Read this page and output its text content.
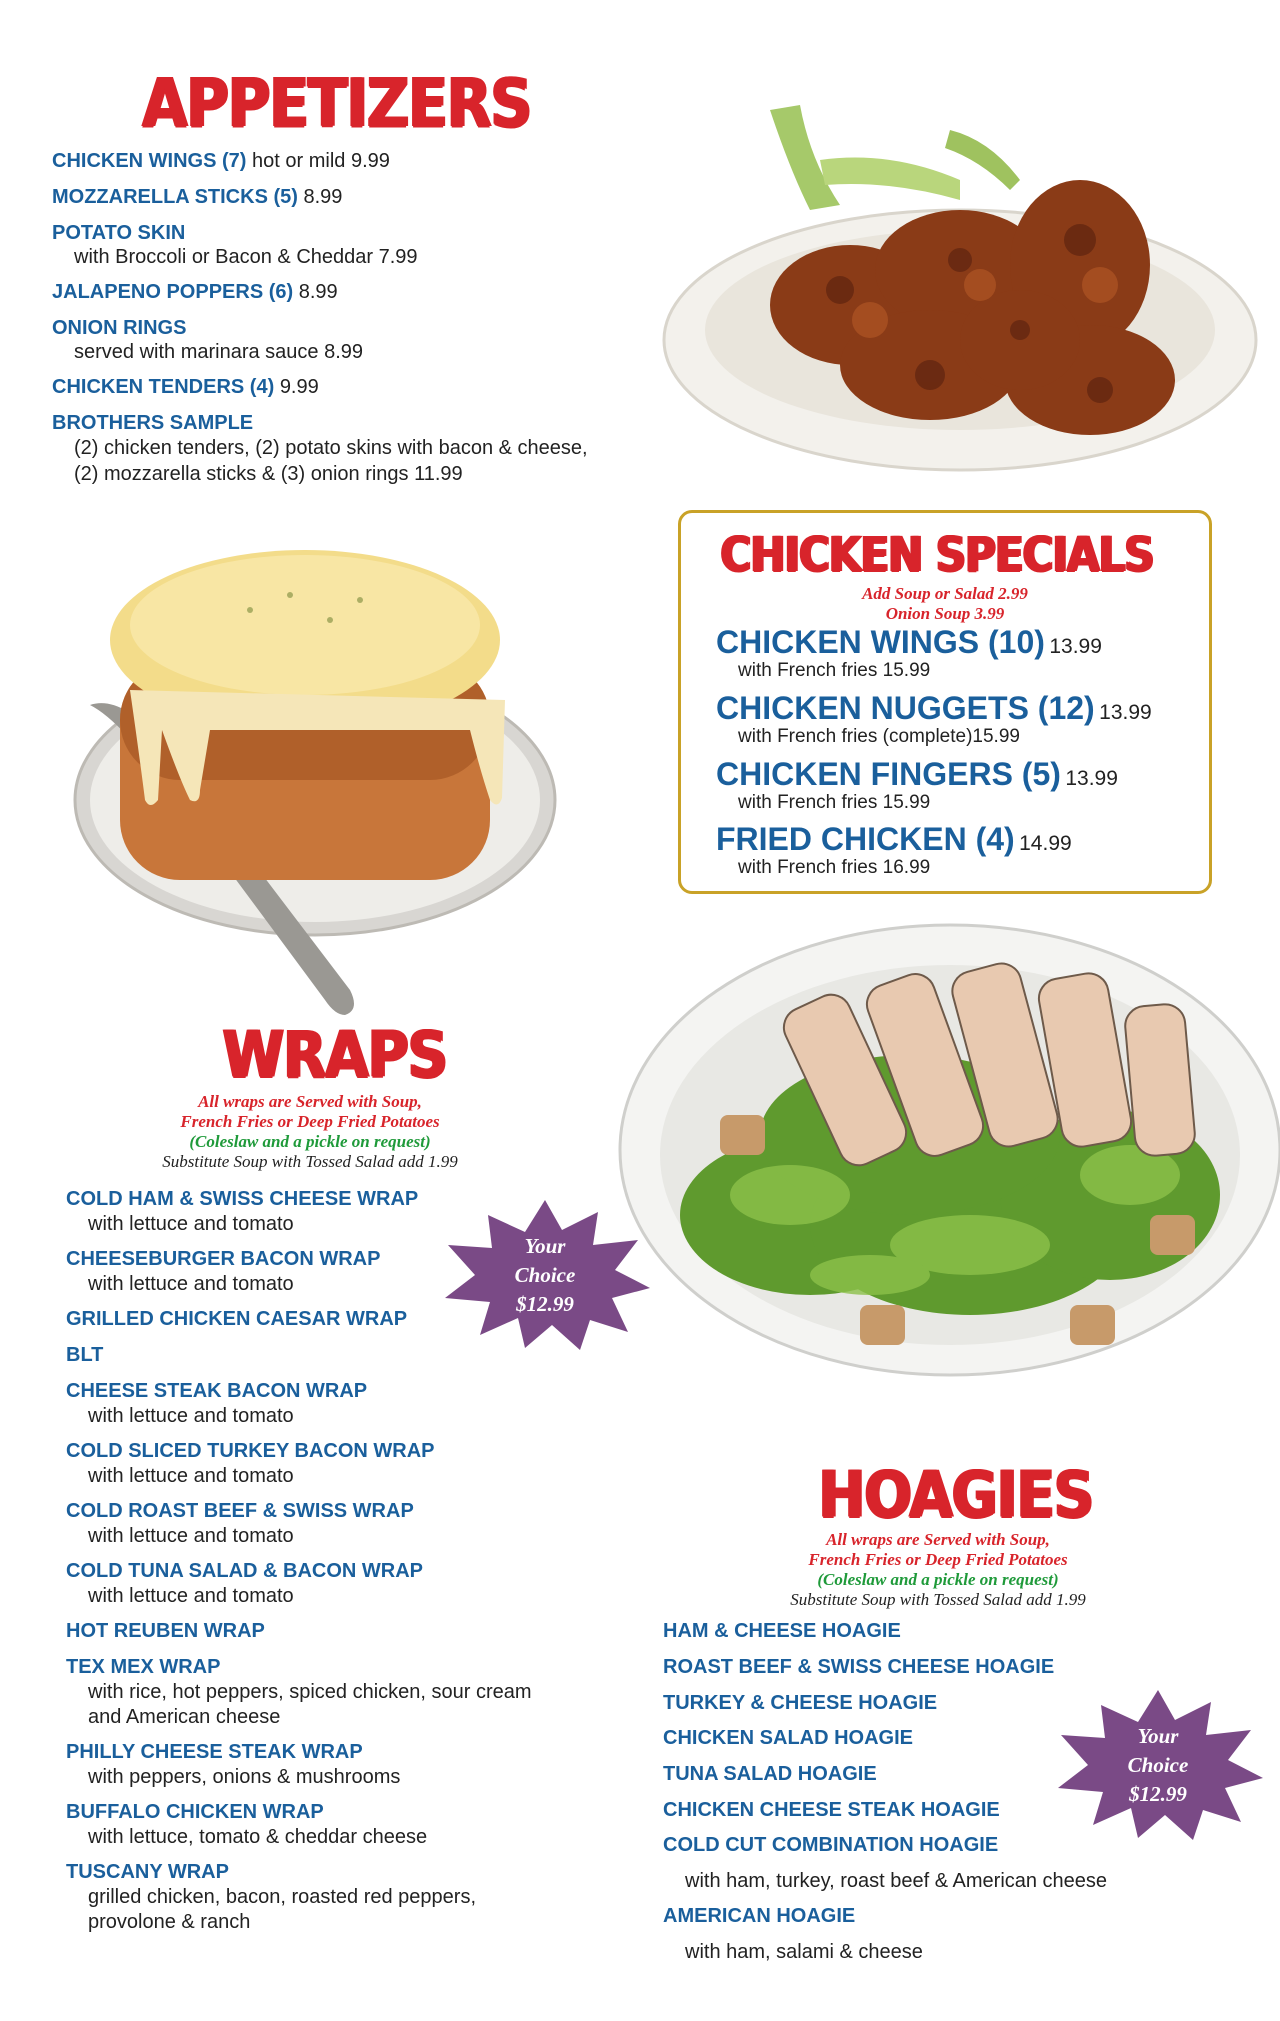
APPETIZERS
CHICKEN WINGS (7) hot or mild 9.99
MOZZARELLA STICKS (5) 8.99
POTATO SKIN
with Broccoli or Bacon & Cheddar 7.99
JALAPENO POPPERS (6) 8.99
ONION RINGS
served with marinara sauce 8.99
CHICKEN TENDERS (4) 9.99
BROTHERS SAMPLE
(2) chicken tenders, (2) potato skins with bacon & cheese,
(2) mozzarella sticks & (3) onion rings 11.99
CHICKEN SPECIALS
Add Soup or Salad 2.99
Onion Soup 3.99
CHICKEN WINGS (10) 13.99
with French fries 15.99
CHICKEN NUGGETS (12) 13.99
with French fries (complete)15.99
CHICKEN FINGERS (5) 13.99
with French fries 15.99
FRIED CHICKEN (4) 14.99
with French fries 16.99
WRAPS
All wraps are Served with Soup,
French Fries or Deep Fried Potatoes
(Coleslaw and a pickle on request)
Substitute Soup with Tossed Salad add 1.99
Your
Choice
$12.99
COLD HAM & SWISS CHEESE WRAP
with lettuce and tomato
CHEESEBURGER BACON WRAP
with lettuce and tomato
GRILLED CHICKEN CAESAR WRAP
BLT
CHEESE STEAK BACON WRAP
with lettuce and tomato
COLD SLICED TURKEY BACON WRAP
with lettuce and tomato
COLD ROAST BEEF & SWISS WRAP
with lettuce and tomato
COLD TUNA SALAD & BACON WRAP
with lettuce and tomato
HOT REUBEN WRAP
TEX MEX WRAP
with rice, hot peppers, spiced chicken, sour cream
and American cheese
PHILLY CHEESE STEAK WRAP
with peppers, onions & mushrooms
BUFFALO CHICKEN WRAP
with lettuce, tomato & cheddar cheese
TUSCANY WRAP
grilled chicken, bacon, roasted red peppers,
provolone & ranch
HOAGIES
All wraps are Served with Soup,
French Fries or Deep Fried Potatoes
(Coleslaw and a pickle on request)
Substitute Soup with Tossed Salad add 1.99
Your
Choice
$12.99
HAM & CHEESE HOAGIE
ROAST BEEF & SWISS CHEESE HOAGIE
TURKEY & CHEESE HOAGIE
CHICKEN SALAD HOAGIE
TUNA SALAD HOAGIE
CHICKEN CHEESE STEAK HOAGIE
COLD CUT COMBINATION HOAGIE
with ham, turkey, roast beef & American cheese
AMERICAN HOAGIE
with ham, salami & cheese
